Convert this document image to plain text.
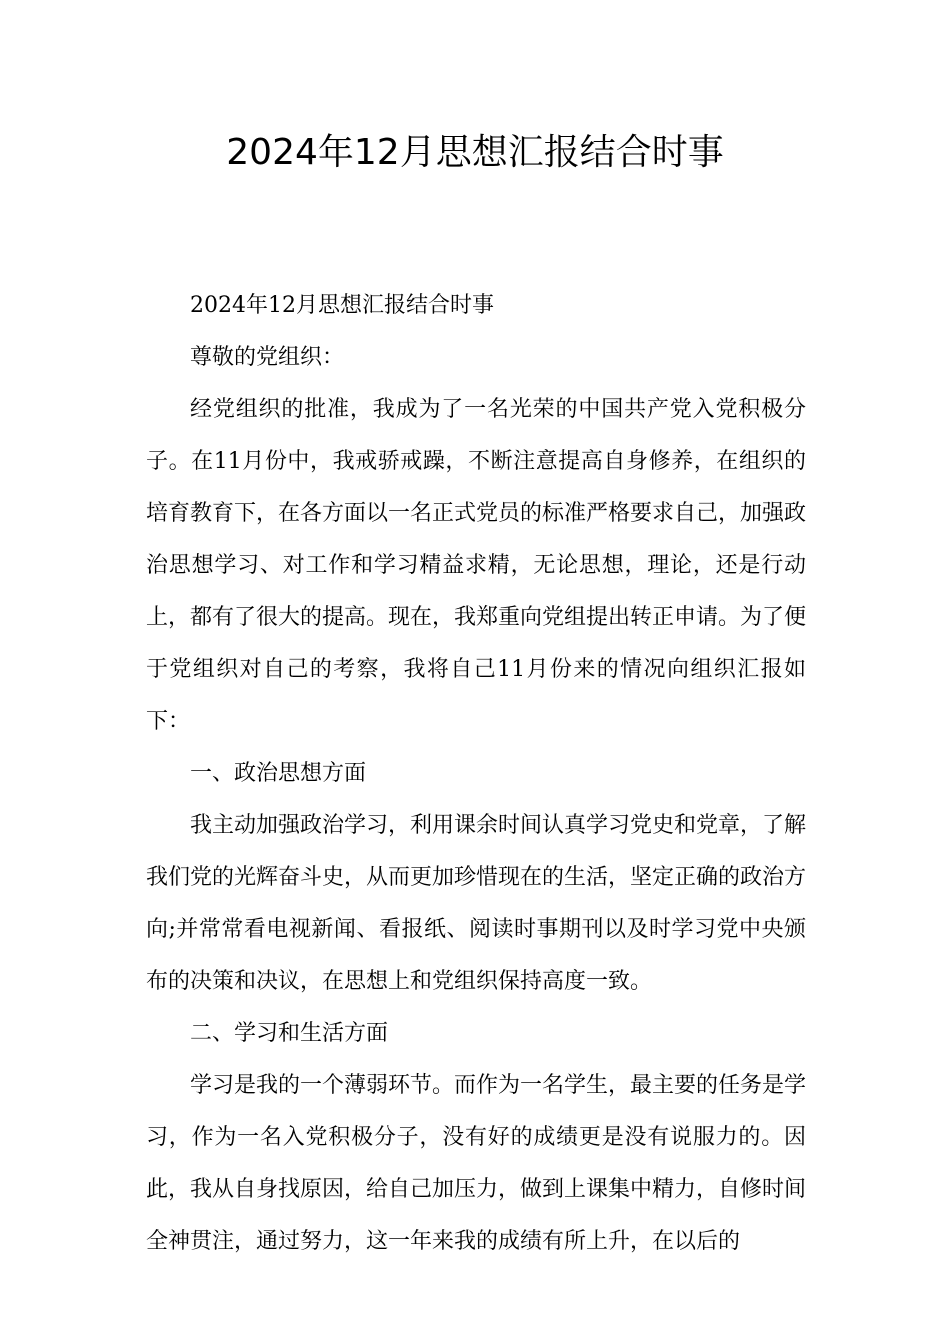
2024年12月思想汇报结合时事

2024年12月思想汇报结合时事

尊敬的党组织：

经党组织的批准，我成为了一名光荣的中国共产党入党积极分子。在11月份中，我戒骄戒躁，不断注意提高自身修养，在组织的培育教育下，在各方面以一名正式党员的标准严格要求自己，加强政治思想学习、对工作和学习精益求精，无论思想，理论，还是行动上，都有了很大的提高。现在，我郑重向党组提出转正申请。为了便于党组织对自己的考察，我将自己11月份来的情况向组织汇报如下：

一、政治思想方面

我主动加强政治学习，利用课余时间认真学习党史和党章，了解我们党的光辉奋斗史，从而更加珍惜现在的生活，坚定正确的政治方向;并常常看电视新闻、看报纸、阅读时事期刊以及时学习党中央颁布的决策和决议，在思想上和党组织保持高度一致。

二、学习和生活方面

学习是我的一个薄弱环节。而作为一名学生，最主要的任务是学习，作为一名入党积极分子，没有好的成绩更是没有说服力的。因此，我从自身找原因，给自己加压力，做到上课集中精力，自修时间全神贯注，通过努力，这一年来我的成绩有所上升，在以后的
